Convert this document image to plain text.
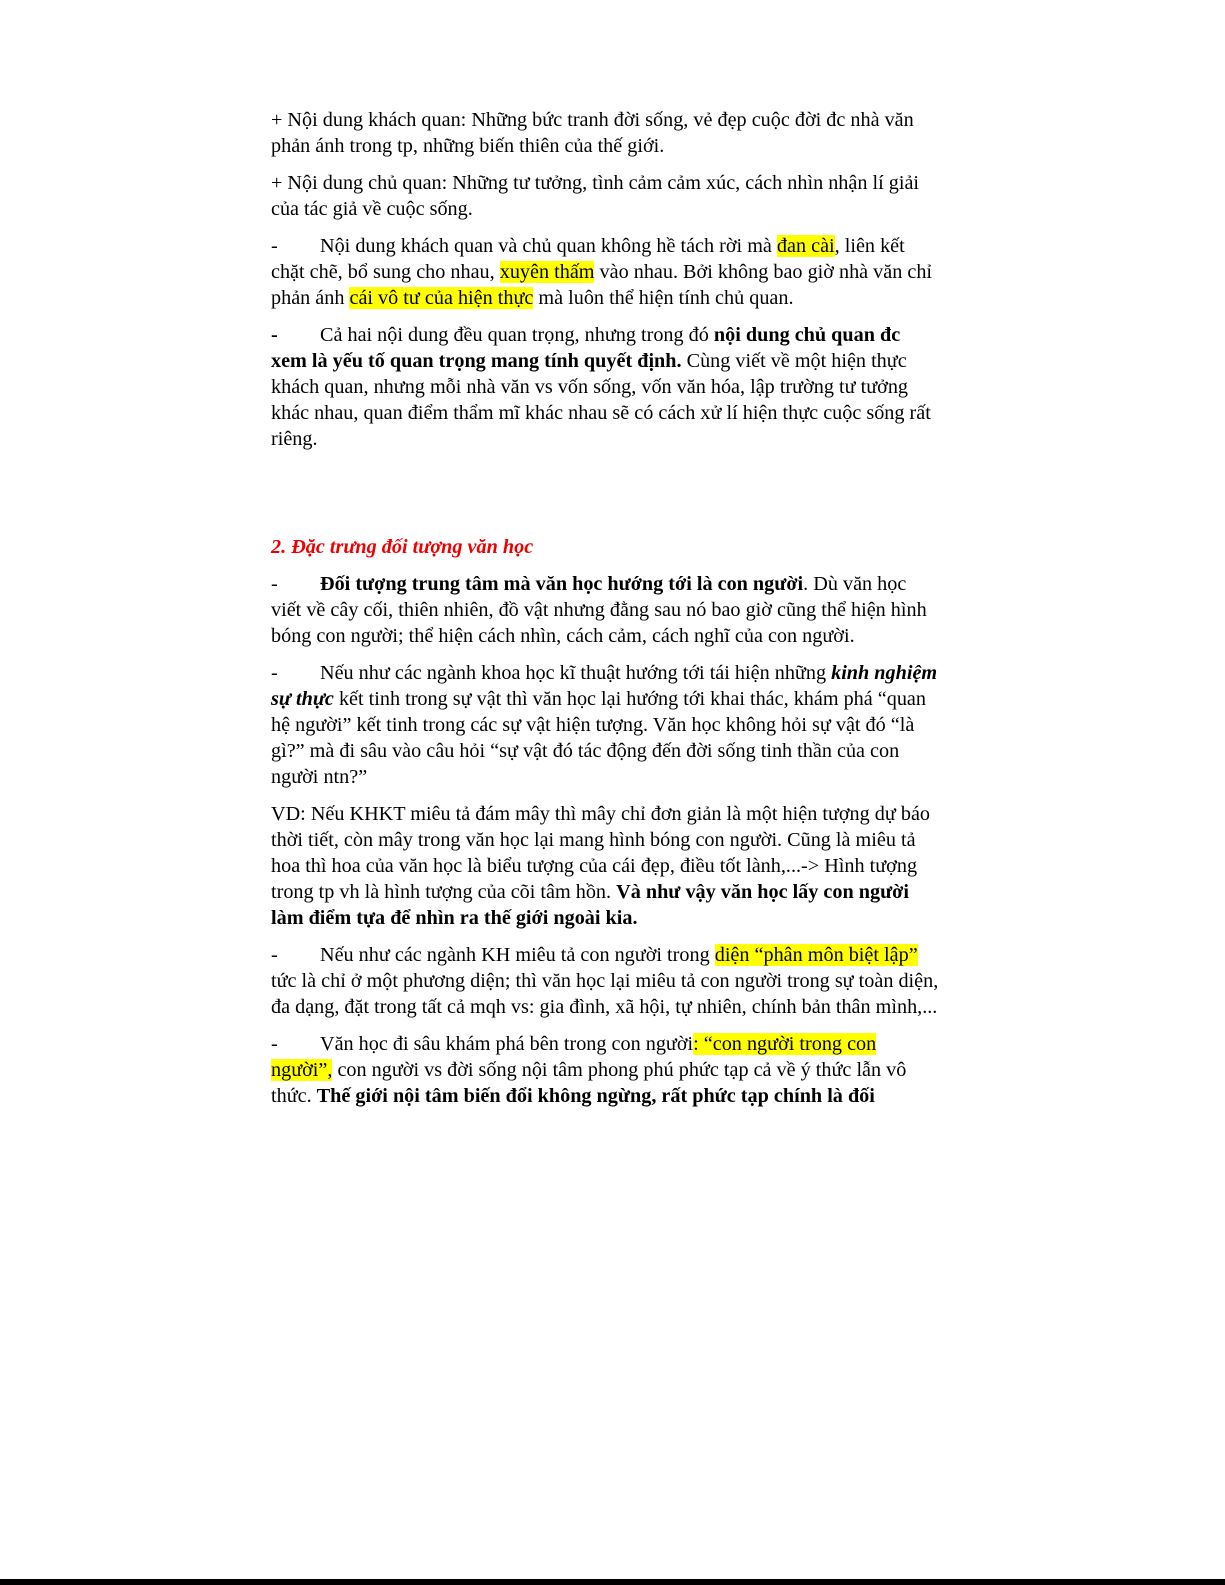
+ Nội dung khách quan: Những bức tranh đời sống, vẻ đẹp cuộc đời đc nhà văn phản ánh trong tp, những biến thiên của thế giới.

+ Nội dung chủ quan: Những tư tưởng, tình cảm cảm xúc, cách nhìn nhận lí giải của tác giả về cuộc sống.

- Nội dung khách quan và chủ quan không hề tách rời mà đan cài, liên kết chặt chẽ, bổ sung cho nhau, xuyên thấm vào nhau. Bởi không bao giờ nhà văn chỉ phản ánh cái vô tư của hiện thực mà luôn thể hiện tính chủ quan.

- Cả hai nội dung đều quan trọng, nhưng trong đó nội dung chủ quan đc xem là yếu tố quan trọng mang tính quyết định. Cùng viết về một hiện thực khách quan, nhưng mỗi nhà văn vs vốn sống, vốn văn hóa, lập trường tư tưởng khác nhau, quan điểm thẩm mĩ khác nhau sẽ có cách xử lí hiện thực cuộc sống rất riêng.

2. Đặc trưng đối tượng văn học

- Đối tượng trung tâm mà văn học hướng tới là con người. Dù văn học viết về cây cối, thiên nhiên, đồ vật nhưng đằng sau nó bao giờ cũng thể hiện hình bóng con người; thể hiện cách nhìn, cách cảm, cách nghĩ của con người.

- Nếu như các ngành khoa học kĩ thuật hướng tới tái hiện những kinh nghiệm sự thực kết tinh trong sự vật thì văn học lại hướng tới khai thác, khám phá “quan hệ người” kết tinh trong các sự vật hiện tượng. Văn học không hỏi sự vật đó “là gì?” mà đi sâu vào câu hỏi “sự vật đó tác động đến đời sống tinh thần của con người ntn?”

VD: Nếu KHKT miêu tả đám mây thì mây chỉ đơn giản là một hiện tượng dự báo thời tiết, còn mây trong văn học lại mang hình bóng con người. Cũng là miêu tả hoa thì hoa của văn học là biểu tượng của cái đẹp, điều tốt lành,...-> Hình tượng trong tp vh là hình tượng của cõi tâm hồn. Và như vậy văn học lấy con người làm điểm tựa để nhìn ra thế giới ngoài kia.

- Nếu như các ngành KH miêu tả con người trong diện “phân môn biệt lập” tức là chỉ ở một phương diện; thì văn học lại miêu tả con người trong sự toàn diện, đa dạng, đặt trong tất cả mqh vs: gia đình, xã hội, tự nhiên, chính bản thân mình,...

- Văn học đi sâu khám phá bên trong con người: “con người trong con người”, con người vs đời sống nội tâm phong phú phức tạp cả về ý thức lẫn vô thức. Thế giới nội tâm biến đổi không ngừng, rất phức tạp chính là đối
